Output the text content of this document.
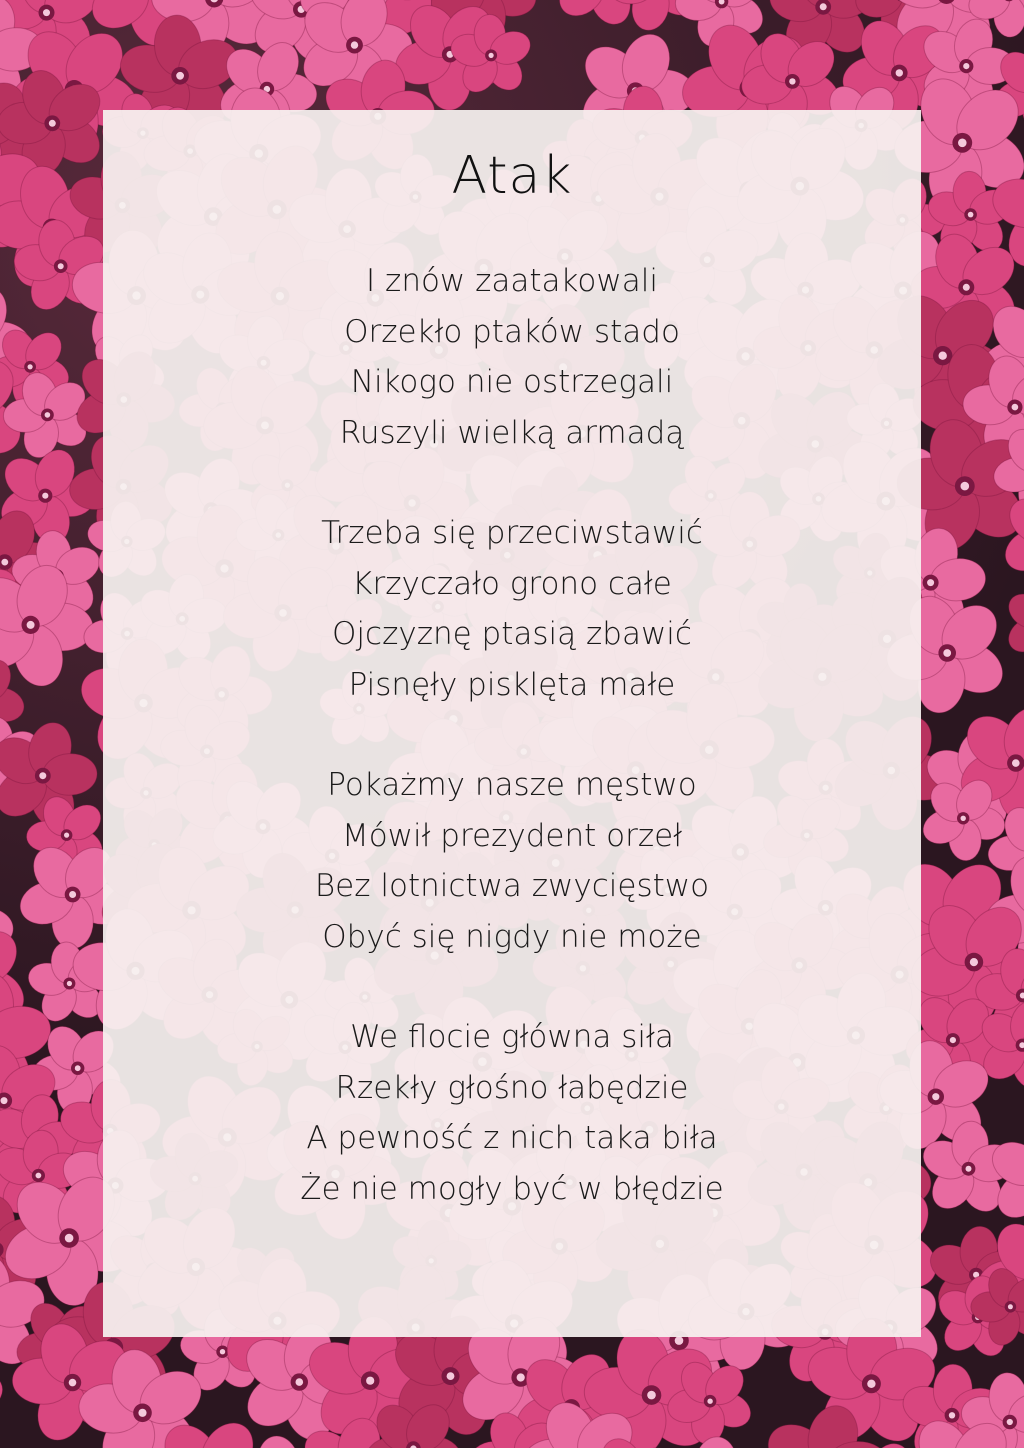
Atak
I znów zaatakowali
Orzekło ptaków stado
Nikogo nie ostrzegali
Ruszyli wielką armadą
Trzeba się przeciwstawić
Krzyczało grono całe
Ojczyznę ptasią zbawić
Pisnęły pisklęta małe
Pokażmy nasze męstwo
Mówił prezydent orzeł
Bez lotnictwa zwycięstwo
Obyć się nigdy nie może
We flocie główna siła
Rzekły głośno łabędzie
A pewność z nich taka biła
Że nie mogły być w błędzie
